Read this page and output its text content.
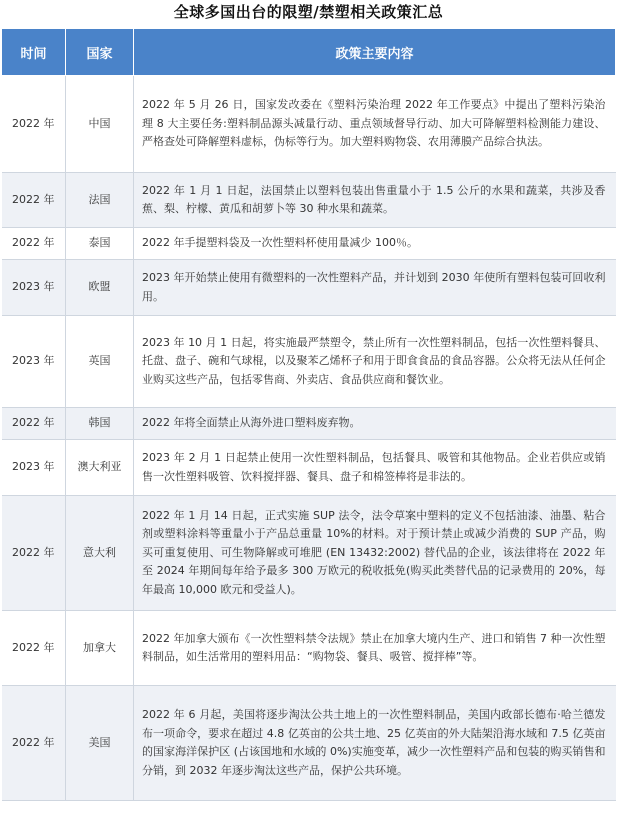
全球多国出台的限塑/禁塑相关政策汇总
时间	国家	政策主要内容
2022 年	中国	2022 年 5 月 26 日，国家发改委在《塑料污染治理 2022 年工作要点》中提出了塑料污染治理 8 大主要任务:塑料制品源头减量行动、重点领域督导行动、加大可降解塑料检测能力建设、严格查处可降解塑料虚标，伪标等行为。加大塑料购物袋、农用薄膜产品综合执法。
2022 年	法国	2022 年 1 月 1 日起，法国禁止以塑料包装出售重量小于 1.5 公斤的水果和蔬菜，共涉及香蕉、梨、柠檬、黄瓜和胡萝卜等 30 种水果和蔬菜。
2022 年	泰国	2022 年手提塑料袋及一次性塑料杯使用量减少 100％。
2023 年	欧盟	2023 年开始禁止使用有微塑料的一次性塑料产品，并计划到 2030 年使所有塑料包装可回收利用。
2023 年	英国	2023 年 10 月 1 日起，将实施最严禁塑令，禁止所有一次性塑料制品，包括一次性塑料餐具、托盘、盘子、碗和气球棍，以及聚苯乙烯杯子和用于即食食品的食品容器。公众将无法从任何企业购买这些产品，包括零售商、外卖店、食品供应商和餐饮业。
2022 年	韩国	2022 年将全面禁止从海外进口塑料废弃物。
2023 年	澳大利亚	2023 年 2 月 1 日起禁止使用一次性塑料制品，包括餐具、吸管和其他物品。企业若供应或销售一次性塑料吸管、饮料搅拌器、餐具、盘子和棉签棒将是非法的。
2022 年	意大利	2022 年 1 月 14 日起，正式实施 SUP 法令，法令草案中塑料的定义不包括油漆、油墨、粘合剂或塑料涂料等重量小于产品总重量 10%的材料。对于预计禁止或减少消费的 SUP 产品，购买可重复使用、可生物降解或可堆肥 (EN 13432:2002) 替代品的企业，该法律将在 2022 年至 2024 年期间每年给予最多 300 万欧元的税收抵免(购买此类替代品的记录费用的 20%，每年最高 10,000 欧元和受益人)。
2022 年	加拿大	2022 年加拿大颁布《一次性塑料禁令法规》禁止在加拿大境内生产、进口和销售 7 种一次性塑料制品，如生活常用的塑料用品：“购物袋、餐具、吸管、搅拌棒”等。
2022 年	美国	2022 年 6 月起，美国将逐步淘汰公共土地上的一次性塑料制品，美国内政部长德布·哈兰德发布一项命令，要求在超过 4.8 亿英亩的公共土地、25 亿英亩的外大陆架沿海水域和 7.5 亿英亩的国家海洋保护区 (占该国地和水域的 0%)实施变革，减少一次性塑料产品和包装的购买销售和分销，到 2032 年逐步淘汰这些产品，保护公共环境。
